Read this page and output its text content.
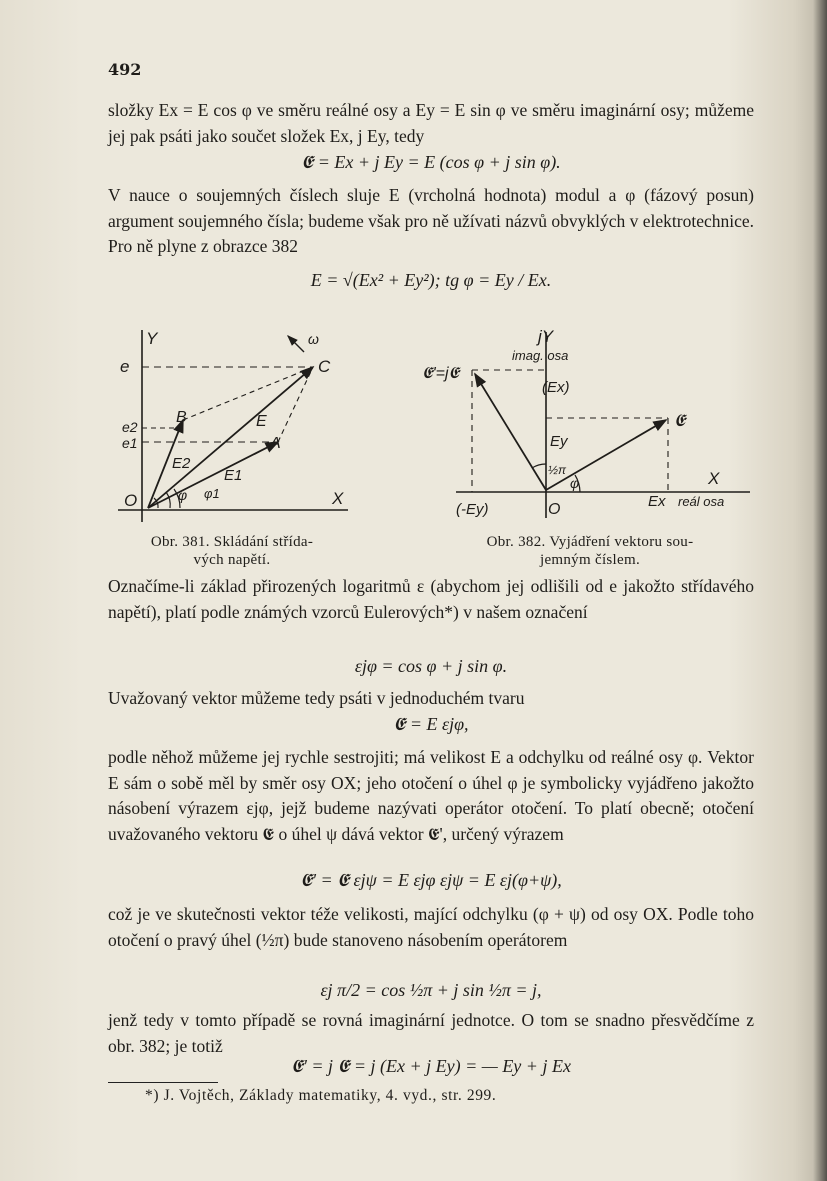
492
složky Ex = E cos φ ve směru reálné osy a Ey = E sin φ ve směru imaginární osy; můžeme jej pak psáti jako součet složek Ex, j Ey, tedy
𝕰 = Ex + j Ey = E (cos φ + j sin φ).
V nauce o soujemných číslech sluje E (vrcholná hodnota) modul a φ (fázový posun) argument soujemného čísla; budeme však pro ně užívati názvů obvyklých v elektrotechnice. Pro ně plyne z obrazce 382
E = √(Ex² + Ey²); tg φ = Ey / Ex.
Y	ω
e	C
B	E
e2
e1	A
E2
E1
O	φ φ1	X
Obr. 381. Skládání střída-
vých napětí.
jY
imag. osa
𝕰'=j𝕰
(Ex)
𝕰
Ey
½π
φ	X
(-Ey)	O	Ex reál osa
Obr. 382. Vyjádření vektoru sou-
jemným číslem.
Označíme-li základ přirozených logaritmů ε (abychom jej odlišili od e jakožto střídavého napětí), platí podle známých vzorců Eulerových*) v našem označení
εjφ = cos φ + j sin φ.
Uvažovaný vektor můžeme tedy psáti v jednoduchém tvaru
𝕰 = E εjφ,
podle něhož můžeme jej rychle sestrojiti; má velikost E a odchylku od reálné osy φ. Vektor E sám o sobě měl by směr osy OX; jeho otočení o úhel φ je symbolicky vyjádřeno jakožto násobení výrazem εjφ, jejž budeme nazývati operátor otočení. To platí obecně; otočení uvažovaného vektoru 𝕰 o úhel ψ dává vektor 𝕰', určený výrazem
𝕰' = 𝕰 εjψ = E εjφ εjψ = E εj(φ+ψ),
což je ve skutečnosti vektor téže velikosti, mající odchylku (φ + ψ) od osy OX. Podle toho otočení o pravý úhel (½π) bude stanoveno násobením operátorem
εj π/2 = cos ½π + j sin ½π = j,
jenž tedy v tomto případě se rovná imaginární jednotce. O tom se snadno přesvědčíme z obr. 382; je totiž
𝕰' = j 𝕰 = j (Ex + j Ey) = — Ey + j Ex
*) J. Vojtěch, Základy matematiky, 4. vyd., str. 299.
